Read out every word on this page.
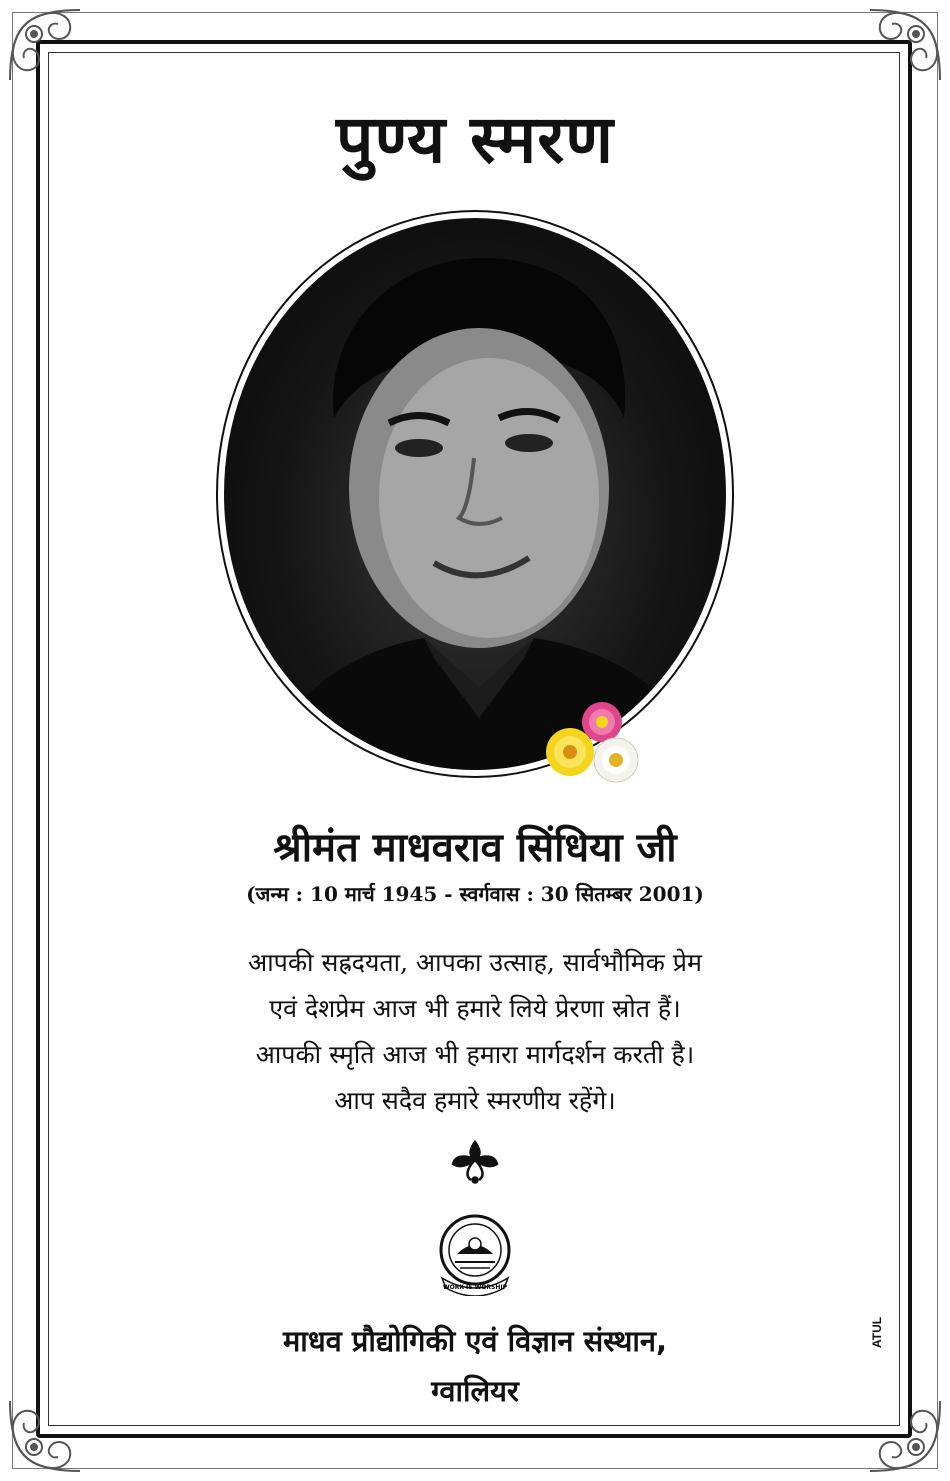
पुण्य स्मरण
श्रीमंत माधवराव सिंधिया जी

(जन्म : 10 मार्च 1945 - स्वर्गवास : 30 सितम्बर 2001)

आपकी सह्रदयता, आपका उत्साह, सार्वभौमिक प्रेम
एवं देशप्रेम आज भी हमारे लिये प्रेरणा स्रोत हैं।
आपकी स्मृति आज भी हमारा मार्गदर्शन करती है।
आप सदैव हमारे स्मरणीय रहेंगे।
WORK IS WORSHIP
माधव प्रौद्योगिकी एवं विज्ञान संस्थान,
ग्वालियर
ATUL
